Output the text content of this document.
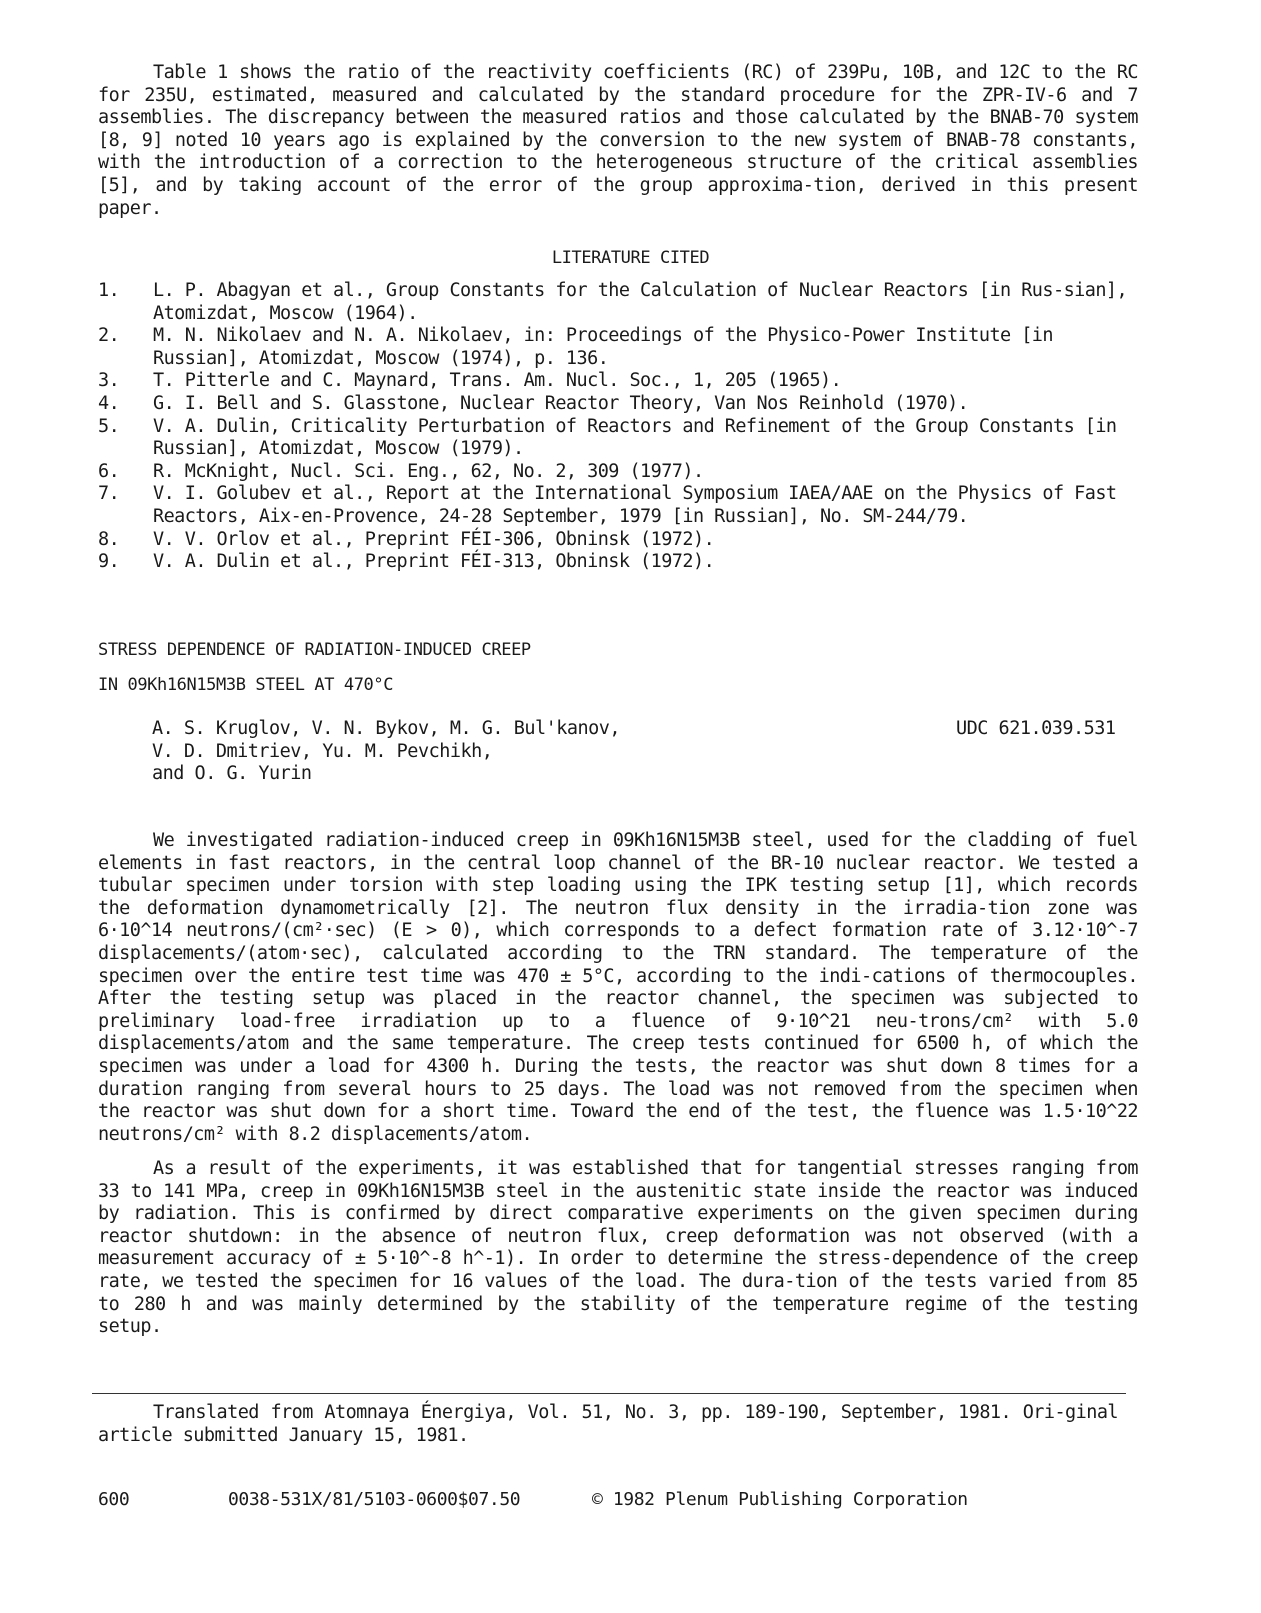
Table 1 shows the ratio of the reactivity coefficients (RC) of 239Pu, 10B, and 12C to the RC for 235U, estimated, measured and calculated by the standard procedure for the ZPR-IV-6 and 7 assemblies. The discrepancy between the measured ratios and those calculated by the BNAB-70 system [8, 9] noted 10 years ago is explained by the conversion to the new system of BNAB-78 constants, with the introduction of a correction to the heterogeneous structure of the critical assemblies [5], and by taking account of the error of the group approxima-tion, derived in this present paper.

LITERATURE CITED
1.	L. P. Abagyan et al., Group Constants for the Calculation of Nuclear Reactors [in Rus-sian], Atomizdat, Moscow (1964).
2.	M. N. Nikolaev and N. A. Nikolaev, in: Proceedings of the Physico-Power Institute [in Russian], Atomizdat, Moscow (1974), p. 136.
3.	T. Pitterle and C. Maynard, Trans. Am. Nucl. Soc., 1, 205 (1965).
4.	G. I. Bell and S. Glasstone, Nuclear Reactor Theory, Van Nos Reinhold (1970).
5.	V. A. Dulin, Criticality Perturbation of Reactors and Refinement of the Group Constants [in Russian], Atomizdat, Moscow (1979).
6.	R. McKnight, Nucl. Sci. Eng., 62, No. 2, 309 (1977).
7.	V. I. Golubev et al., Report at the International Symposium IAEA/AAE on the Physics of Fast Reactors, Aix-en-Provence, 24-28 September, 1979 [in Russian], No. SM-244/79.
8.	V. V. Orlov et al., Preprint FÉI-306, Obninsk (1972).
9.	V. A. Dulin et al., Preprint FÉI-313, Obninsk (1972).
STRESS DEPENDENCE OF RADIATION-INDUCED CREEP
IN 09Kh16N15M3B STEEL AT 470°C
A. S. Kruglov, V. N. Bykov, M. G. Bul'kanov,
V. D. Dmitriev, Yu. M. Pevchikh,
and O. G. Yurin
UDC 621.039.531

We investigated radiation-induced creep in 09Kh16N15M3B steel, used for the cladding of fuel elements in fast reactors, in the central loop channel of the BR-10 nuclear reactor. We tested a tubular specimen under torsion with step loading using the IPK testing setup [1], which records the deformation dynamometrically [2]. The neutron flux density in the irradia-tion zone was 6·10^14 neutrons/(cm²·sec) (E > 0), which corresponds to a defect formation rate of 3.12·10^-7 displacements/(atom·sec), calculated according to the TRN standard. The temperature of the specimen over the entire test time was 470 ± 5°C, according to the indi-cations of thermocouples. After the testing setup was placed in the reactor channel, the specimen was subjected to preliminary load-free irradiation up to a fluence of 9·10^21 neu-trons/cm² with 5.0 displacements/atom and the same temperature. The creep tests continued for 6500 h, of which the specimen was under a load for 4300 h. During the tests, the reactor was shut down 8 times for a duration ranging from several hours to 25 days. The load was not removed from the specimen when the reactor was shut down for a short time. Toward the end of the test, the fluence was 1.5·10^22 neutrons/cm² with 8.2 displacements/atom.

As a result of the experiments, it was established that for tangential stresses ranging from 33 to 141 MPa, creep in 09Kh16N15M3B steel in the austenitic state inside the reactor was induced by radiation. This is confirmed by direct comparative experiments on the given specimen during reactor shutdown: in the absence of neutron flux, creep deformation was not observed (with a measurement accuracy of ± 5·10^-8 h^-1). In order to determine the stress-dependence of the creep rate, we tested the specimen for 16 values of the load. The dura-tion of the tests varied from 85 to 280 h and was mainly determined by the stability of the temperature regime of the testing setup.

Translated from Atomnaya Énergiya, Vol. 51, No. 3, pp. 189-190, September, 1981. Ori-ginal article submitted January 15, 1981.
600	0038-531X/81/5103-0600$07.50	© 1982 Plenum Publishing Corporation
